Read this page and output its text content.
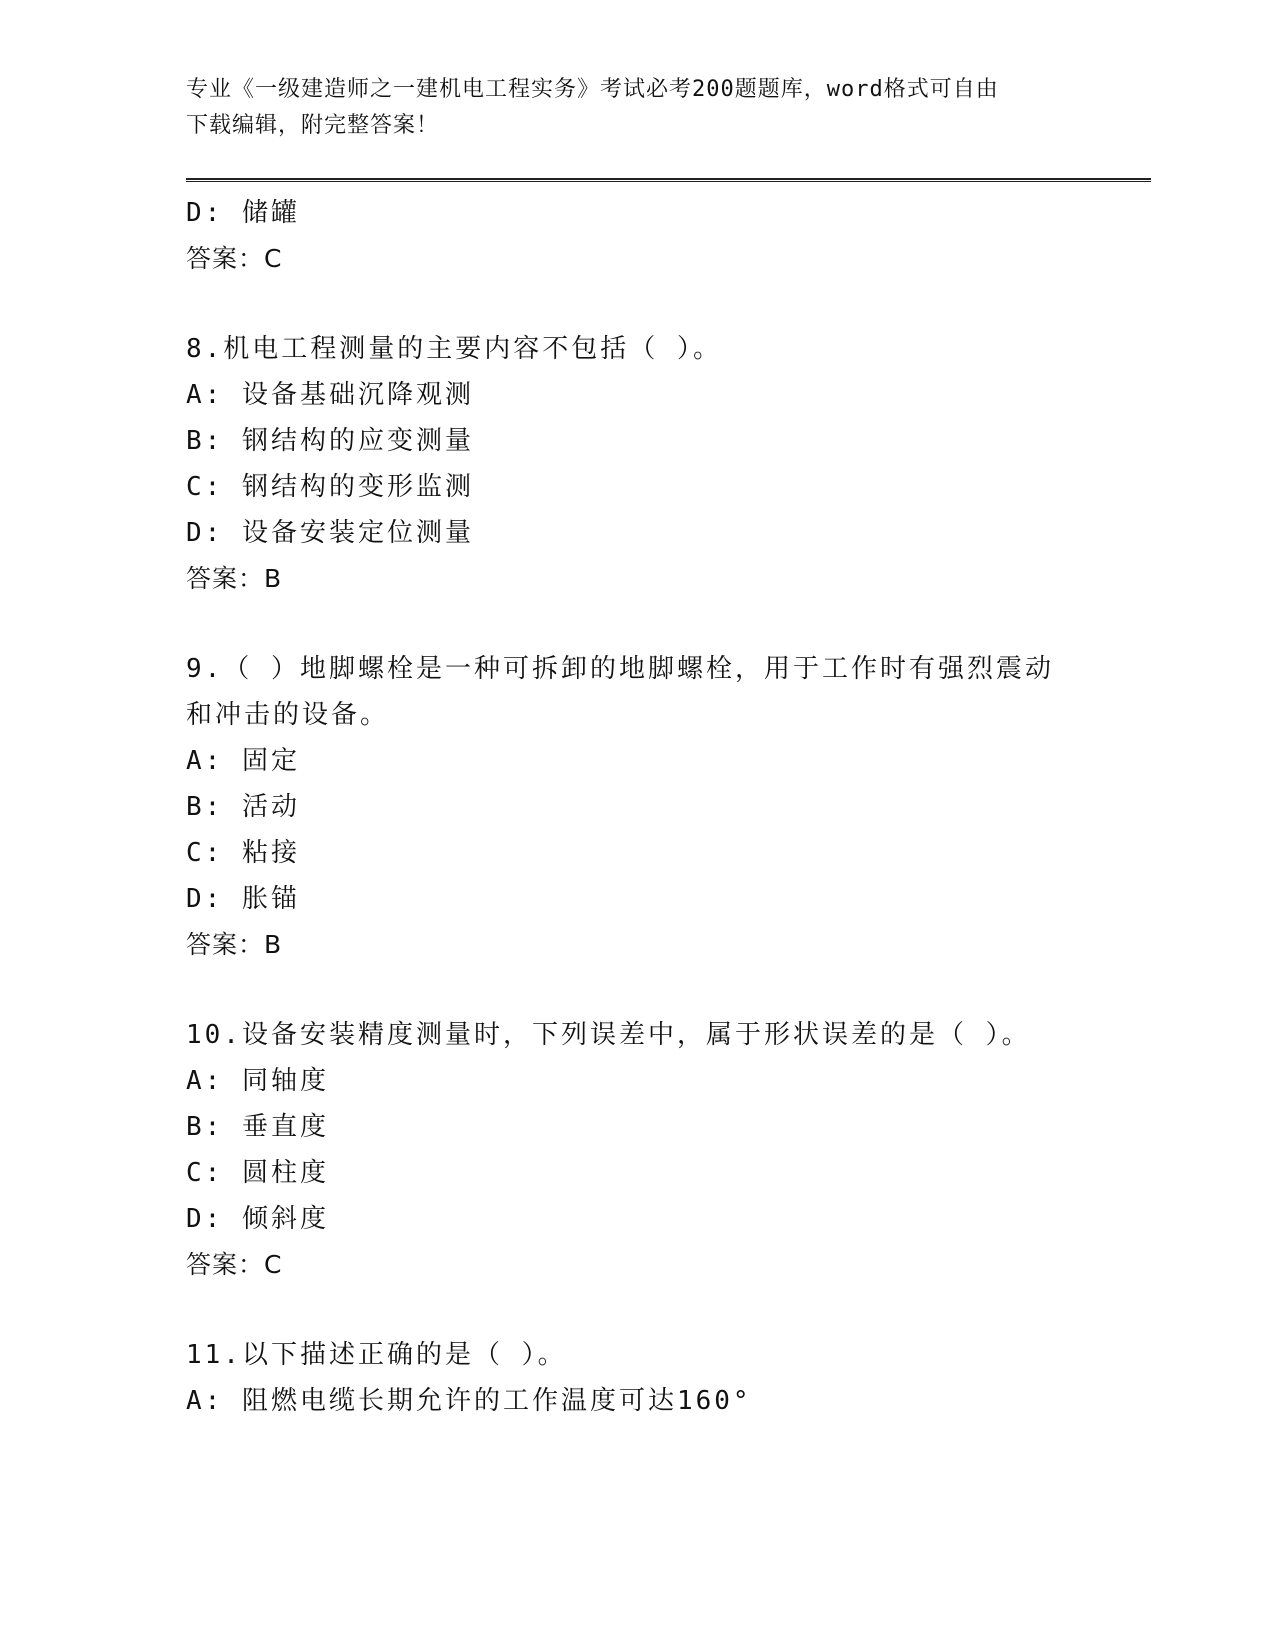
专业《一级建造师之一建机电工程实务》考试必考200题题库，word格式可自由
下载编辑，附完整答案！
D: 储罐
答案：C
8.机电工程测量的主要内容不包括（ ）。
A: 设备基础沉降观测
B: 钢结构的应变测量
C: 钢结构的变形监测
D: 设备安装定位测量
答案：B
9.（ ）地脚螺栓是一种可拆卸的地脚螺栓，用于工作时有强烈震动
和冲击的设备。
A: 固定
B: 活动
C: 粘接
D: 胀锚
答案：B
10.设备安装精度测量时，下列误差中，属于形状误差的是（ ）。
A: 同轴度
B: 垂直度
C: 圆柱度
D: 倾斜度
答案：C
11.以下描述正确的是（ ）。
A: 阻燃电缆长期允许的工作温度可达160°
